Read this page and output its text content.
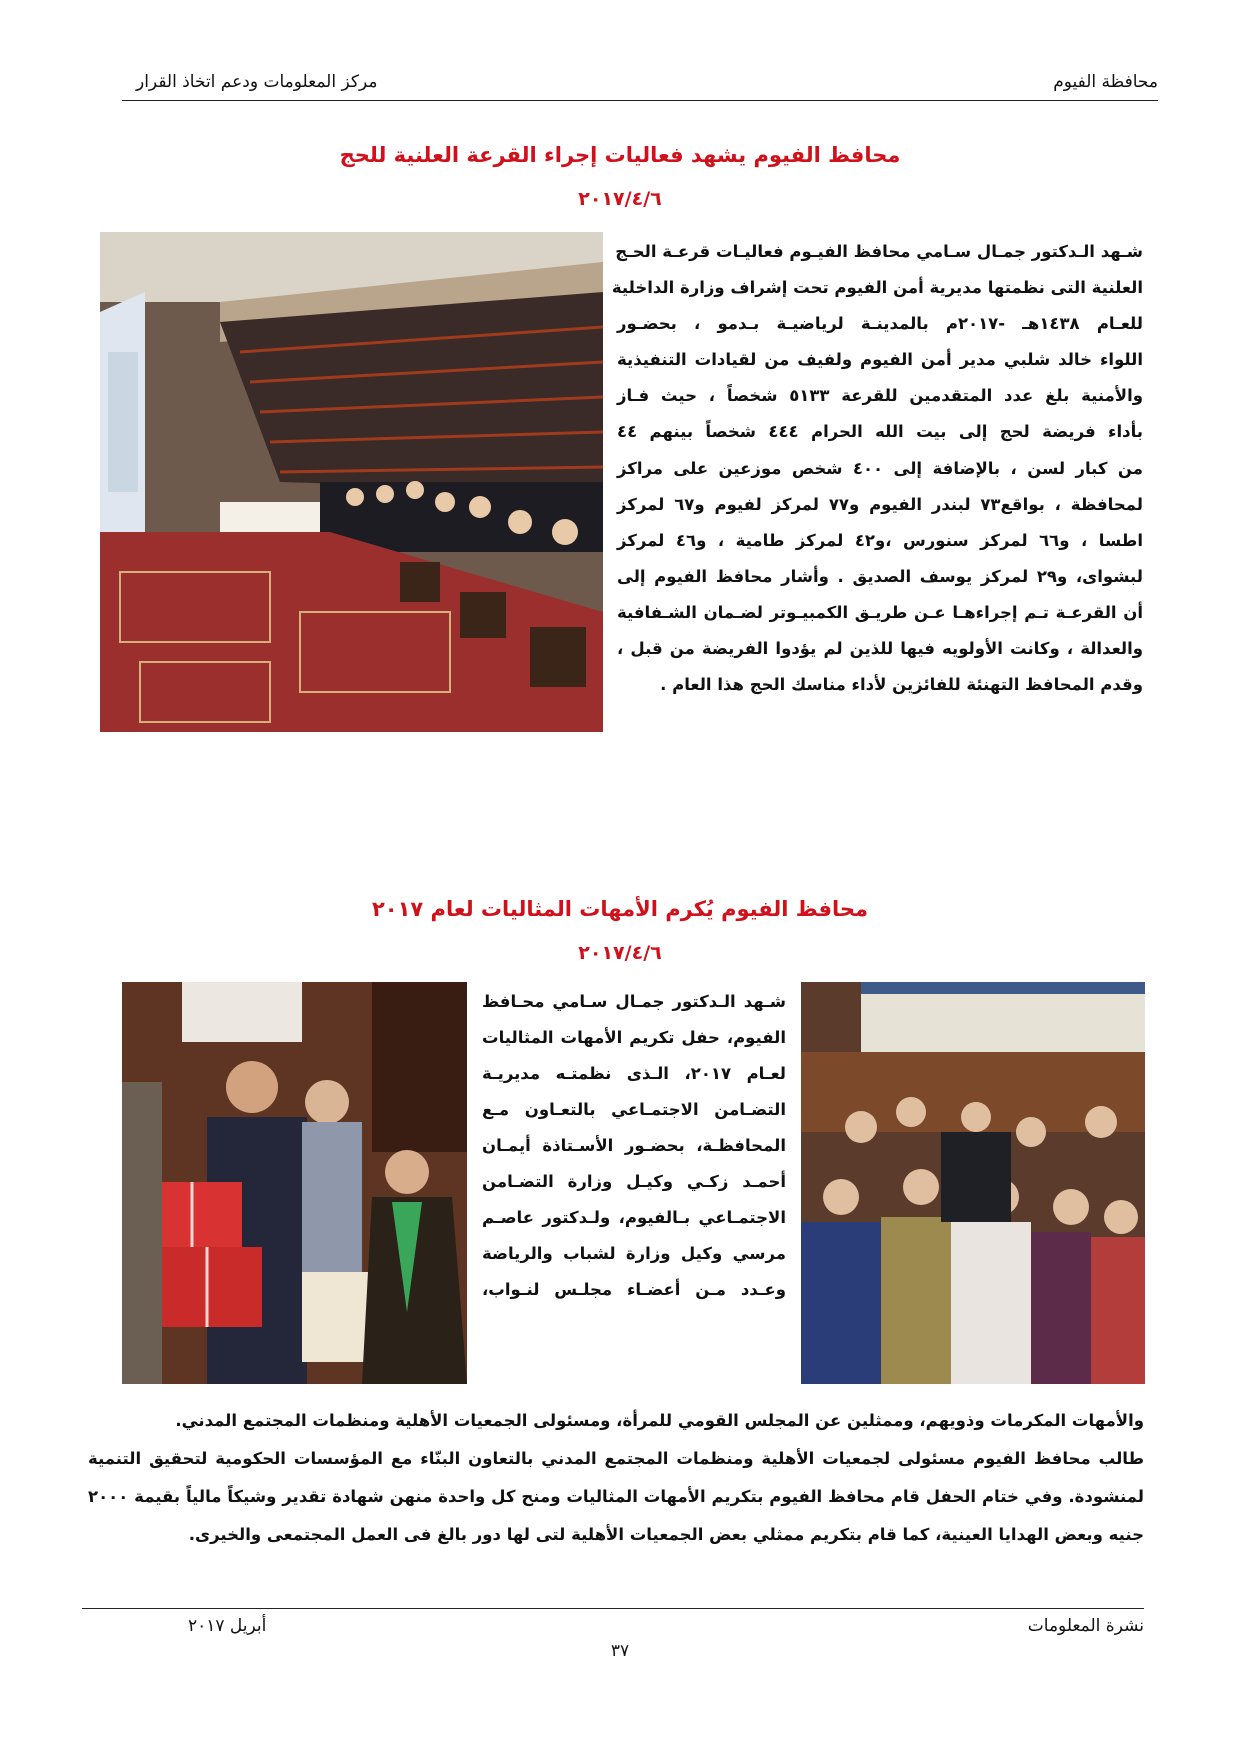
محافظة الفيوم
مركز المعلومات ودعم اتخاذ القرار
محافظ الفيوم يشهد فعاليات إجراء القرعة العلنية للحج
٢٠١٧/٤/٦

شـهد الـدكتور جمـال سـامي محافظ الفيـوم فعاليـات قرعـة الحـج

العلنية التى نظمتها مديرية أمن الفيوم تحت إشراف وزارة الداخلية

للعـام ١٤٣٨هـ -٢٠١٧م بالمدينـة لرياضيـة بـدمو ، بحضـور

اللواء خالد شلبي مدير أمن الفيوم ولفيف من لقيادات التنفيذية

والأمنية بلغ عدد المتقدمين للقرعة ٥١٣٣ شخصاً ، حيث فـاز

بأداء فريضة لحج إلى بيت الله الحرام ٤٤٤ شخصاً بينهم ٤٤

من كبار لسن ، بالإضافة إلى ٤٠٠ شخص موزعين على مراكز

لمحافظة ، بواقع٧٣ لبندر الفيوم و٧٧ لمركز لفيوم و٦٧ لمركز

اطسا ، و٦٦ لمركز سنورس ،و٤٢ لمركز طامية ، و٤٦ لمركز

لبشواى، و٢٩ لمركز يوسف الصديق . وأشار محافظ الفيوم إلى

أن القرعـة تـم إجراءهـا عـن طريـق الكمبيـوتر لضـمان الشـفافية

والعدالة ، وكانت الأولويه فيها للذين لم يؤدوا الفريضة من قبل ،

وقدم المحافظ التهنئة للفائزين لأداء مناسك الحج هذا العام .

محافظ الفيوم يُكرم الأمهات المثاليات لعام ٢٠١٧
٢٠١٧/٤/٦

شـهد الـدكتور جمـال سـامي محـافظ

الفيوم، حفل تكريم الأمهات المثاليات

لعـام ٢٠١٧، الـذى نظمتـه مديريـة

التضـامن الاجتمـاعي بالتعـاون مـع

المحافظـة، بحضـور الأسـتاذة أيمـان

أحمـد زكـي وكيـل وزارة التضـامن

الاجتمـاعي بـالفيوم، ولـدكتور عاصـم

مرسي وكيل وزارة لشباب والرياضة

وعـدد مـن أعضـاء مجلـس لنـواب،

والأمهات المكرمات وذويهم، وممثلين عن المجلس القومي للمرأة، ومسئولى الجمعيات الأهلية ومنظمات المجتمع المدني.

طالب محافظ الفيوم مسئولى لجمعيات الأهلية ومنظمات المجتمع المدني بالتعاون البنّاء مع المؤسسات الحكومية لتحقيق التنمية

لمنشودة. وفي ختام الحفل قام محافظ الفيوم بتكريم الأمهات المثاليات ومنح كل واحدة منهن شهادة تقدير وشيكاً مالياً بقيمة ٢٠٠٠

جنيه وبعض الهدايا العينية، كما قام بتكريم ممثلي بعض الجمعيات الأهلية لتى لها دور بالغ فى العمل المجتمعى والخيرى.

نشرة المعلومات
أبريل ٢٠١٧
٣٧
